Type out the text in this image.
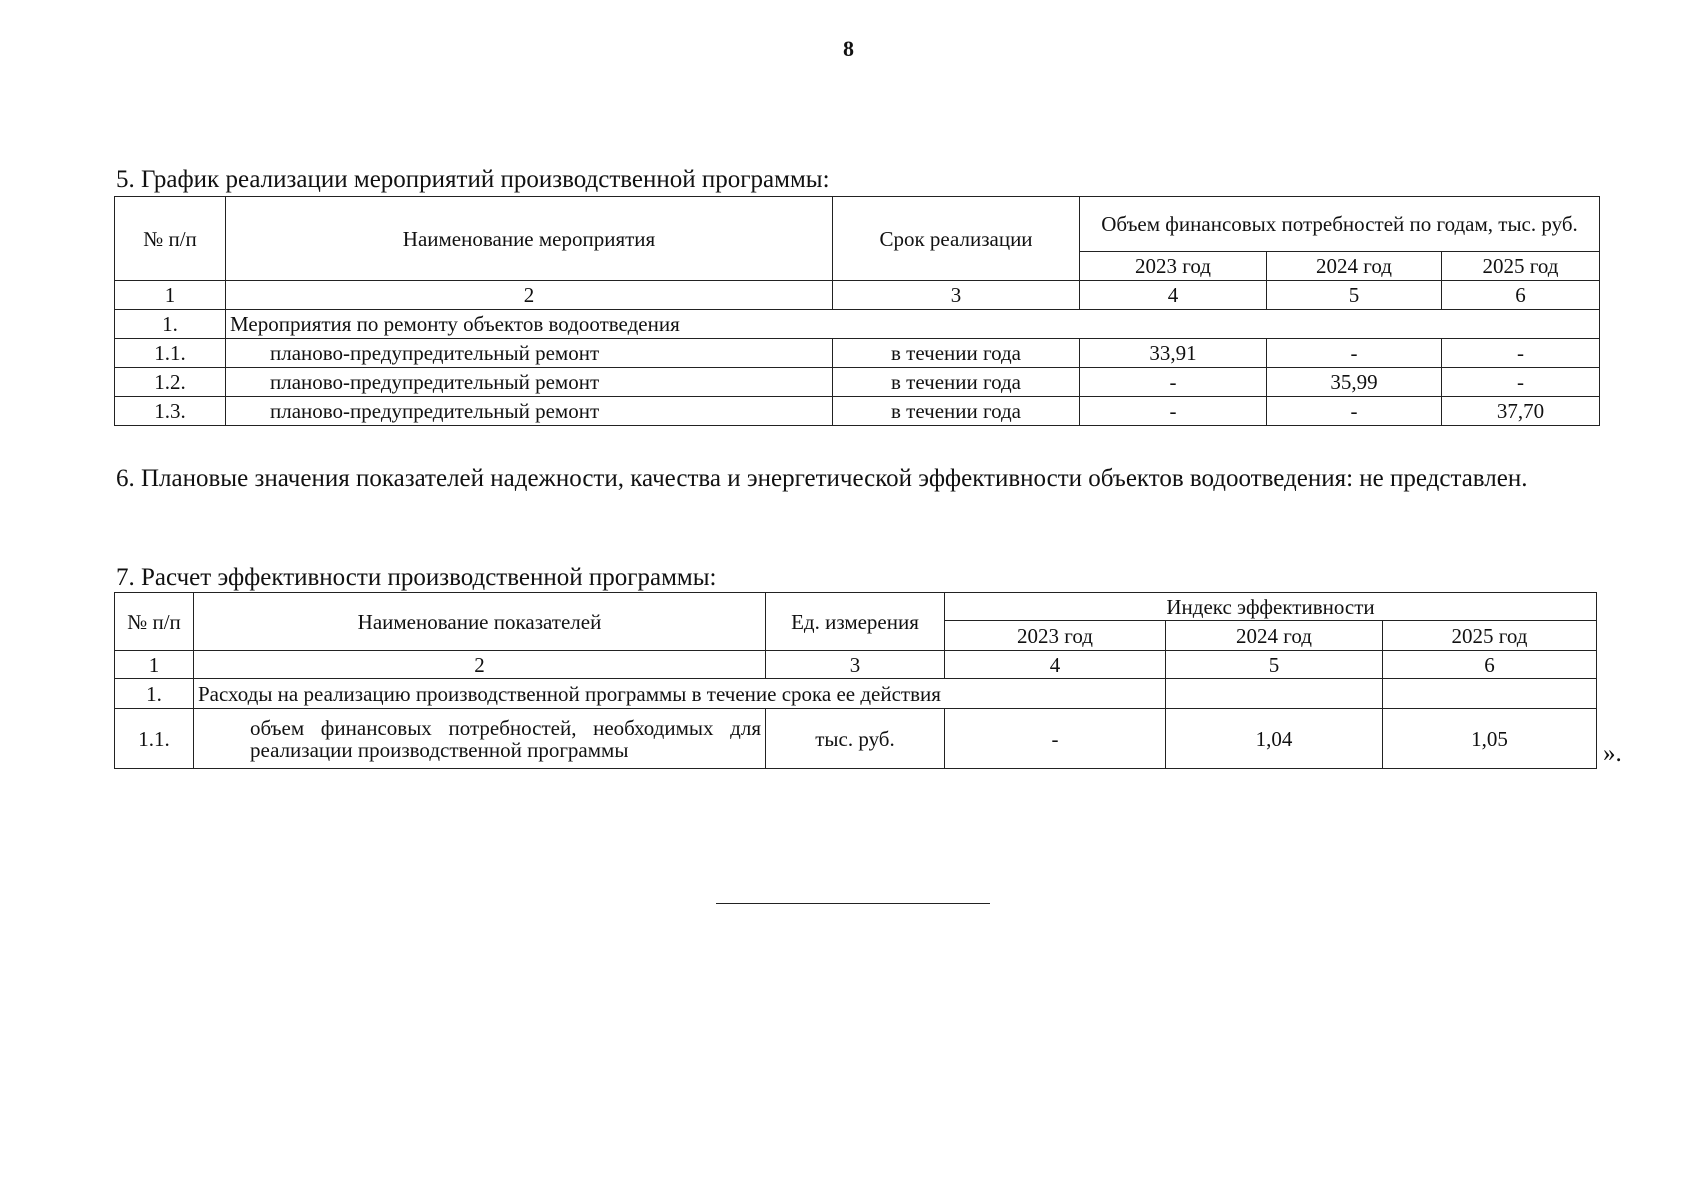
8
5. График реализации мероприятий производственной программы:
№ п/п	Наименование мероприятия	Срок реализации	Объем финансовых потребностей по годам, тыс. руб.		
			2023 год	2024 год	2025 год
1	2	3	4	5	6
1.	Мероприятия по ремонту объектов водоотведения				
1.1.	планово-предупредительный ремонт	в течении года	33,91	-	-
1.2.	планово-предупредительный ремонт	в течении года	-	35,99	-
1.3.	планово-предупредительный ремонт	в течении года	-	-	37,70
6. Плановые значения показателей надежности, качества и энергетической эффективности объектов водоотведения: не представлен.
7. Расчет эффективности производственной программы:
№ п/п	Наименование показателей	Ед. измерения	Индекс эффективности		
			2023 год	2024 год	2025 год
1	2	3	4	5	6
1.	Расходы на реализацию производственной программы в течение срока ее действия				
1.1.	объем финансовых потребностей, необходимых для реализации производственной программы	тыс. руб.	-	1,04	1,05
».
